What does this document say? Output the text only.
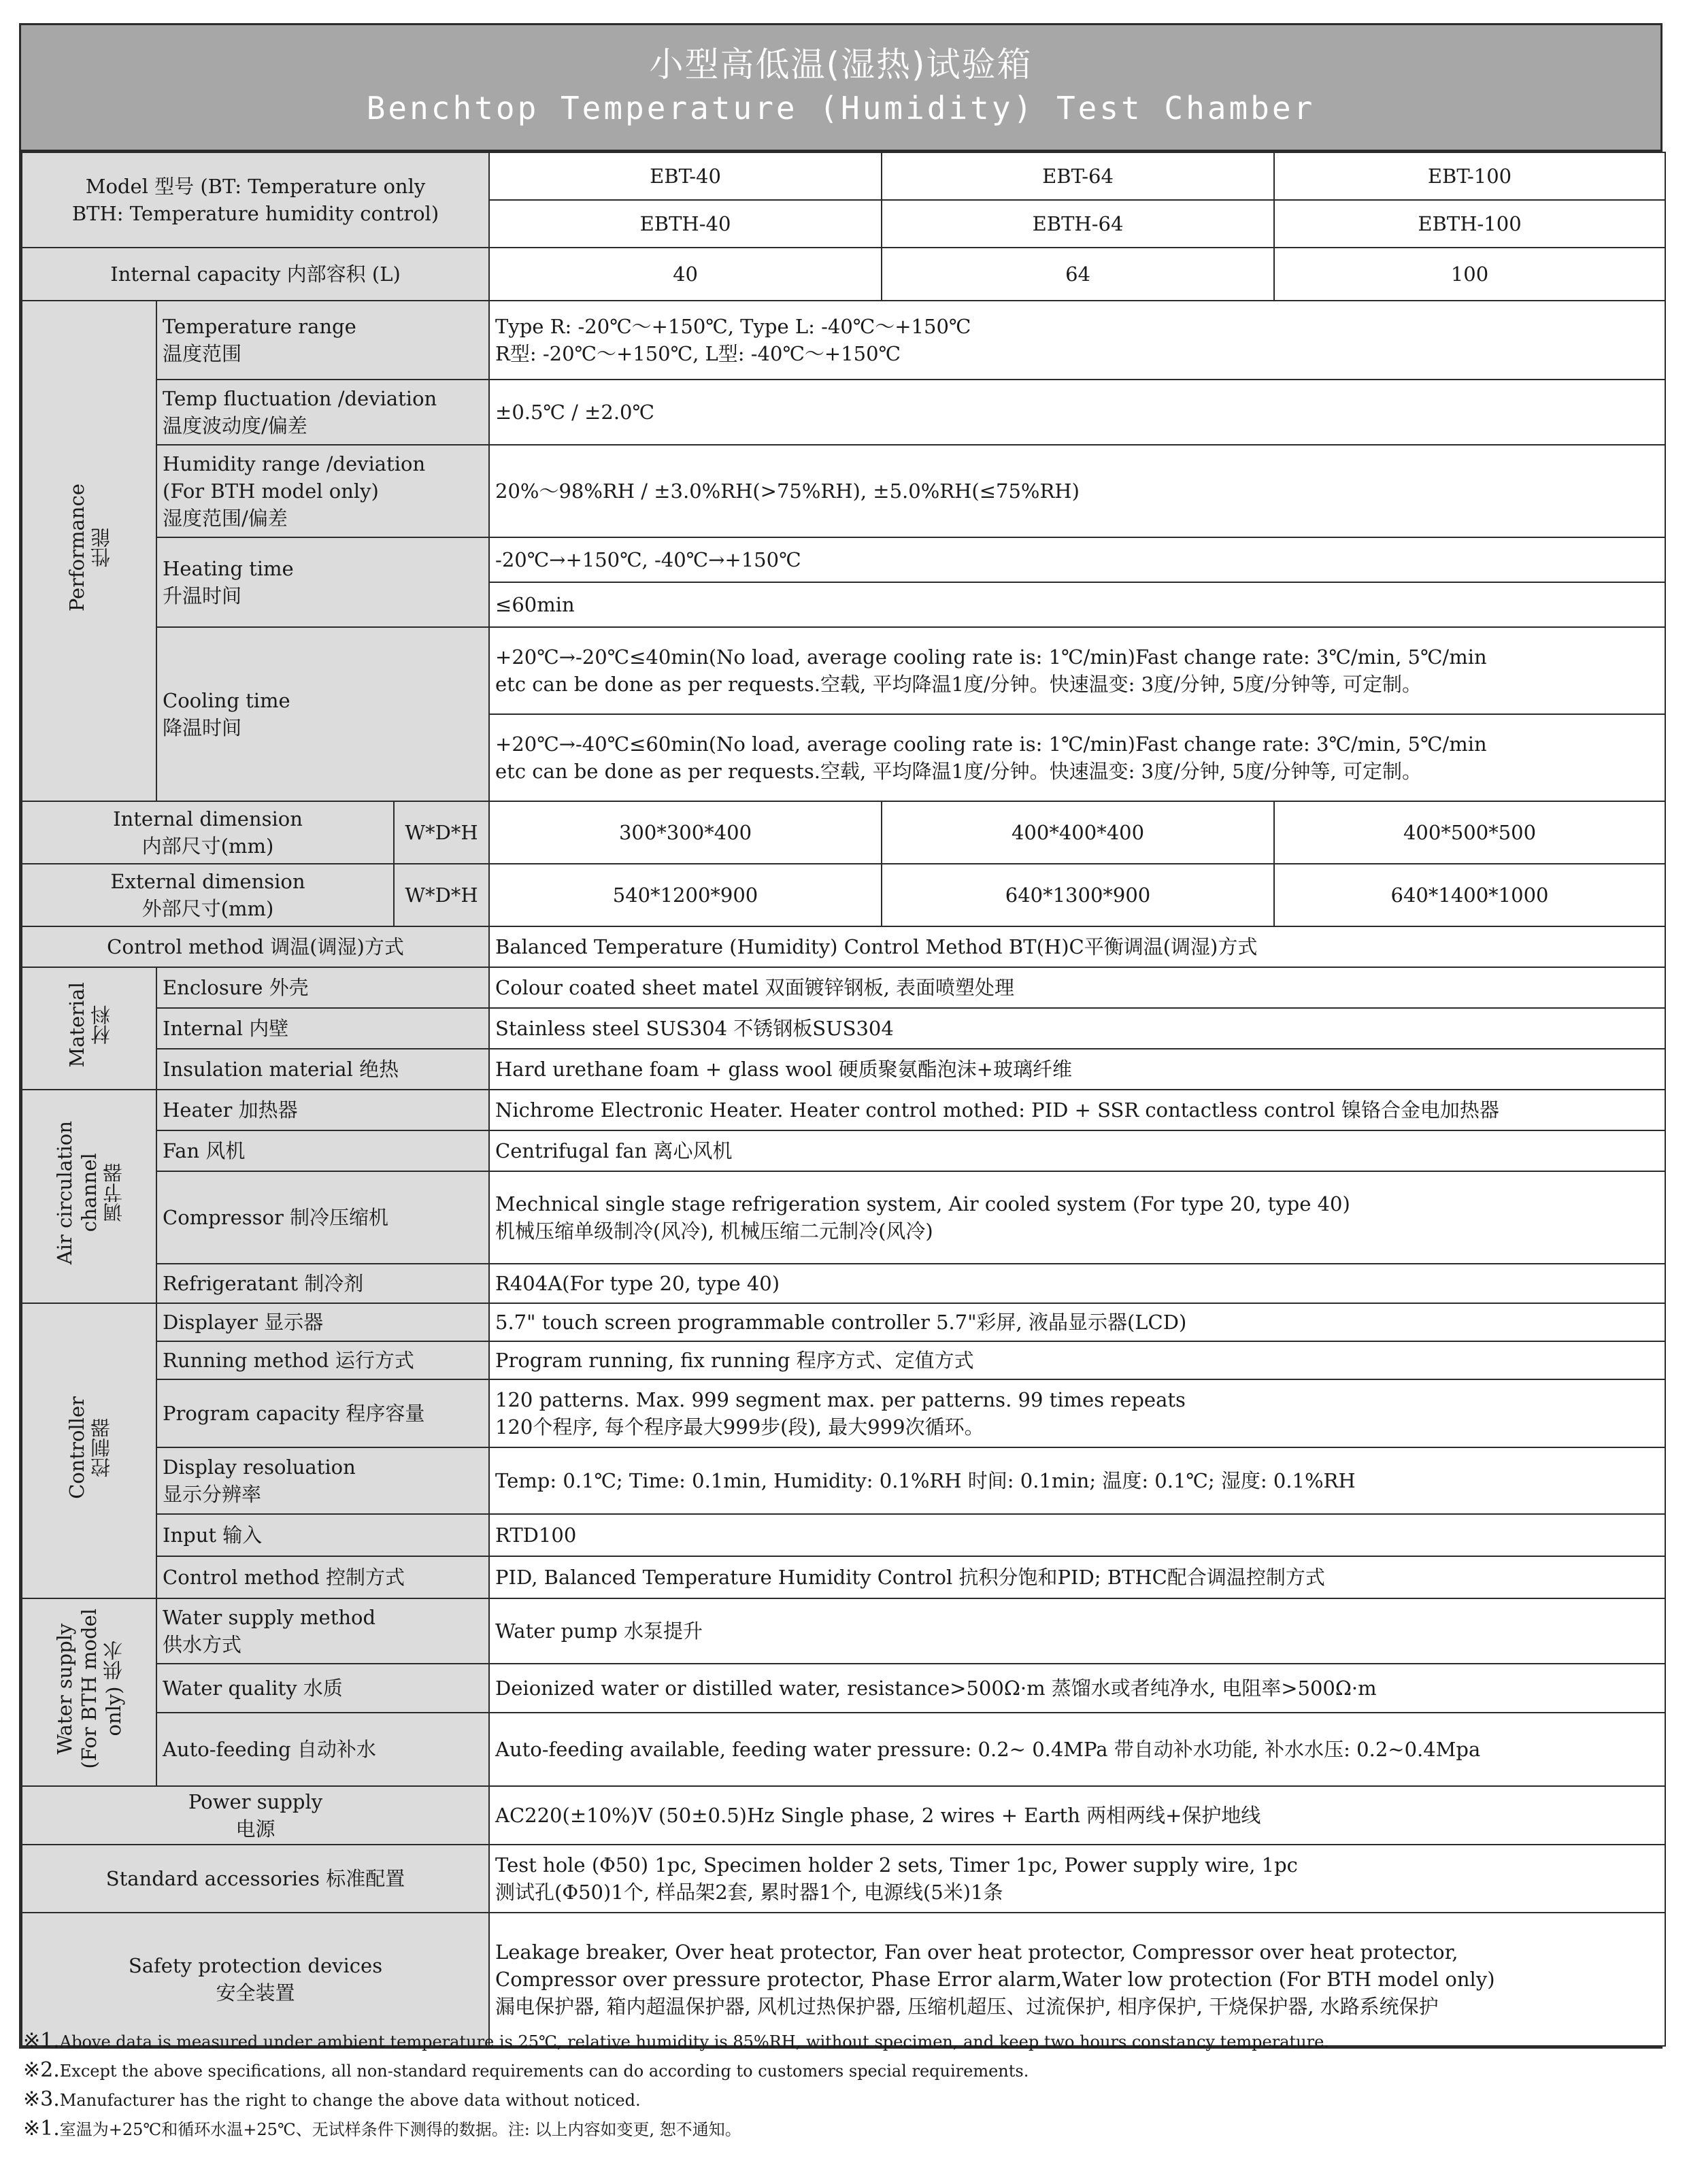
小型高低温(湿热)试验箱
Benchtop Temperature (Humidity) Test Chamber
Model 型号 (BT: Temperature only
BTH: Temperature humidity control)			EBT-40	EBT-64	EBT-100
			EBTH-40	EBTH-64	EBTH-100
Internal capacity 内部容积 (L)			40	64	100

Performance 性能	Temperature range
温度范围		Type R: -20℃～+150℃, Type L: -40℃～+150℃
R型: -20℃～+150℃, L型: -40℃～+150℃		

	Temp fluctuation /deviation
温度波动度/偏差		±0.5℃ / ±2.0℃		

	Humidity range /deviation
(For BTH model only)
湿度范围/偏差		20%～98%RH / ±3.0%RH(>75%RH), ±5.0%RH(≤75%RH)		

	Heating time
升温时间		-20℃→+150℃, -40℃→+150℃		
			≤60min		

	Cooling time
降温时间		+20℃→-20℃≤40min(No load, average cooling rate is: 1℃/min)Fast change rate: 3℃/min, 5℃/min
etc can be done as per requests.空载, 平均降温1度/分钟。快速温变: 3度/分钟, 5度/分钟等, 可定制。		

			+20℃→-40℃≤60min(No load, average cooling rate is: 1℃/min)Fast change rate: 3℃/min, 5℃/min
etc can be done as per requests.空载, 平均降温1度/分钟。快速温变: 3度/分钟, 5度/分钟等, 可定制。		

Internal dimension
内部尺寸(mm)		W*D*H	300*300*400	400*400*400	400*500*500

External dimension
外部尺寸(mm)		W*D*H	540*1200*900	640*1300*900	640*1400*1000
Control method 调温(调湿)方式			Balanced Temperature (Humidity) Control Method BT(H)C平衡调温(调湿)方式		

Material 材料	Enclosure 外壳		Colour coated sheet matel 双面镀锌钢板, 表面喷塑处理		
	Internal 内壁		Stainless steel SUS304 不锈钢板SUS304		
	Insulation material 绝热		Hard urethane foam + glass wool 硬质聚氨酯泡沫+玻璃纤维		

Air circulation channel 调节器	Heater 加热器		Nichrome Electronic Heater. Heater control mothed: PID + SSR contactless control 镍铬合金电加热器		
	Fan 风机		Centrifugal fan 离心风机		
	Compressor 制冷压缩机		Mechnical single stage refrigeration system, Air cooled system (For type 20, type 40)
机械压缩单级制冷(风冷), 机械压缩二元制冷(风冷)		

	Refrigeratant 制冷剂		R404A(For type 20, type 40)		

Controller 控制器	Displayer 显示器		5.7" touch screen programmable controller 5.7"彩屏, 液晶显示器(LCD)		
	Running method 运行方式		Program running, fix running 程序方式、定值方式		
	Program capacity 程序容量		120 patterns. Max. 999 segment max. per patterns. 99 times repeats
120个程序, 每个程序最大999步(段), 最大999次循环。		

	Display resoluation
显示分辨率		Temp: 0.1℃; Time: 0.1min, Humidity: 0.1%RH 时间: 0.1min; 温度: 0.1℃; 湿度: 0.1%RH		
	Input 输入		RTD100		
	Control method 控制方式		PID, Balanced Temperature Humidity Control 抗积分饱和PID; BTHC配合调温控制方式		

Water supply (For BTH model only) 供水	Water supply method
供水方式		Water pump 水泵提升		
	Water quality 水质		Deionized water or distilled water, resistance>500Ω·m 蒸馏水或者纯净水, 电阻率>500Ω·m		
	Auto-feeding 自动补水		Auto-feeding available, feeding water pressure: 0.2~ 0.4MPa 带自动补水功能, 补水水压: 0.2~0.4Mpa		

Power supply
电源			AC220(±10%)V (50±0.5)Hz Single phase, 2 wires + Earth 两相两线+保护地线		
Standard accessories 标准配置			Test hole (Φ50) 1pc, Specimen holder 2 sets, Timer 1pc, Power supply wire, 1pc
测试孔(Φ50)1个, 样品架2套, 累时器1个, 电源线(5米)1条		

Safety protection devices
安全装置			Leakage breaker, Over heat protector, Fan over heat protector, Compressor over heat protector,
Compressor over pressure protector, Phase Error alarm,Water low protection (For BTH model only)
漏电保护器, 箱内超温保护器, 风机过热保护器, 压缩机超压、过流保护, 相序保护, 干烧保护器, 水路系统保护		
※1.Above data is measured under ambient temperature is 25℃, relative humidity is 85%RH, without specimen, and keep two hours constancy temperature.
※2.Except the above specifications, all non-standard requirements can do according to customers special requirements.
※3.Manufacturer has the right to change the above data without noticed.
※1.室温为+25℃和循环水温+25℃、无试样条件下测得的数据。注: 以上内容如变更, 恕不通知。
